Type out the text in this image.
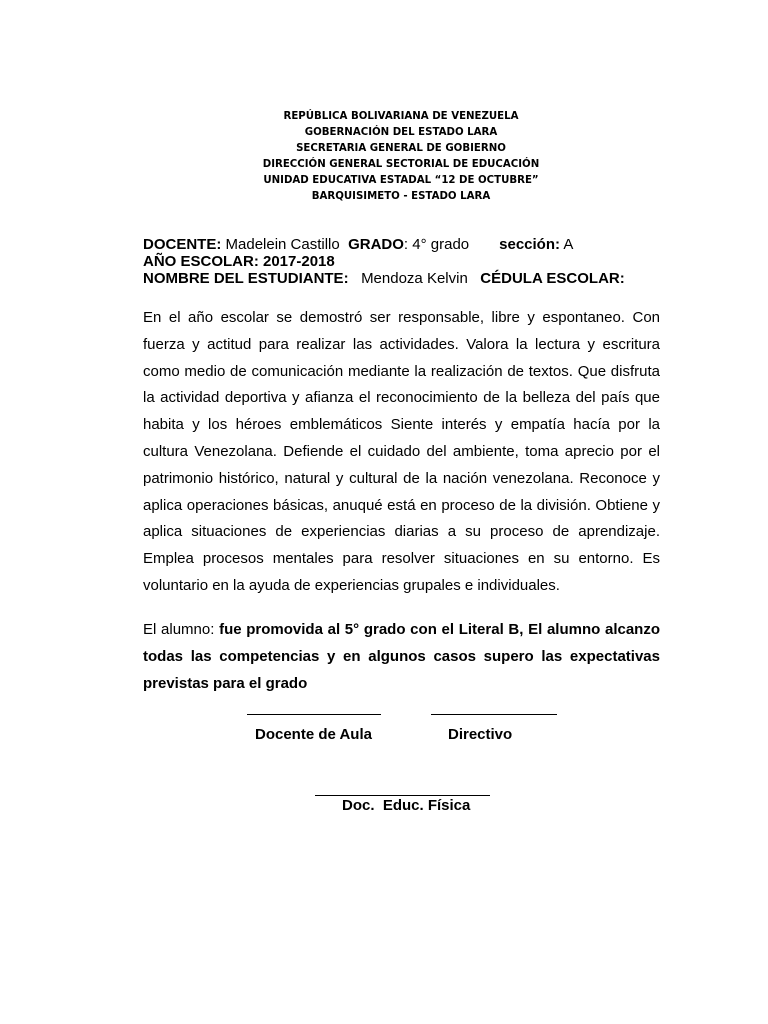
REPÚBLICA BOLIVARIANA DE VENEZUELA
GOBERNACIÓN DEL ESTADO LARA
SECRETARIA GENERAL DE GOBIERNO
DIRECCIÓN GENERAL SECTORIAL DE EDUCACIÓN
UNIDAD EDUCATIVA ESTADAL “12 DE OCTUBRE”
BARQUISIMETO - ESTADO LARA
DOCENTE: Madelein Castillo  GRADO: 4° grado sección: A
AÑO ESCOLAR: 2017-2018
NOMBRE DEL ESTUDIANTE:   Mendoza Kelvin   CÉDULA ESCOLAR:

En el año escolar se demostró ser responsable, libre y espontaneo. Con fuerza y actitud para realizar las actividades. Valora la lectura y escritura como medio de comunicación mediante la realización de textos. Que disfruta la actividad deportiva y afianza el reconocimiento de la belleza del país que habita y los héroes emblemáticos Siente interés y empatía hacía por la cultura Venezolana. Defiende el cuidado del ambiente, toma aprecio por el patrimonio histórico, natural y cultural de la nación venezolana. Reconoce y aplica operaciones básicas, anuqué está en proceso de la división. Obtiene y aplica situaciones de experiencias diarias a su proceso de aprendizaje. Emplea procesos mentales para resolver situaciones en su entorno. Es voluntario en la ayuda de experiencias grupales e individuales.

El alumno: fue promovida al 5° grado con el Literal B, El alumno alcanzo todas las competencias y en algunos casos supero las expectativas previstas para el grado

Docente de Aula	Directivo
Doc.  Educ. Física
